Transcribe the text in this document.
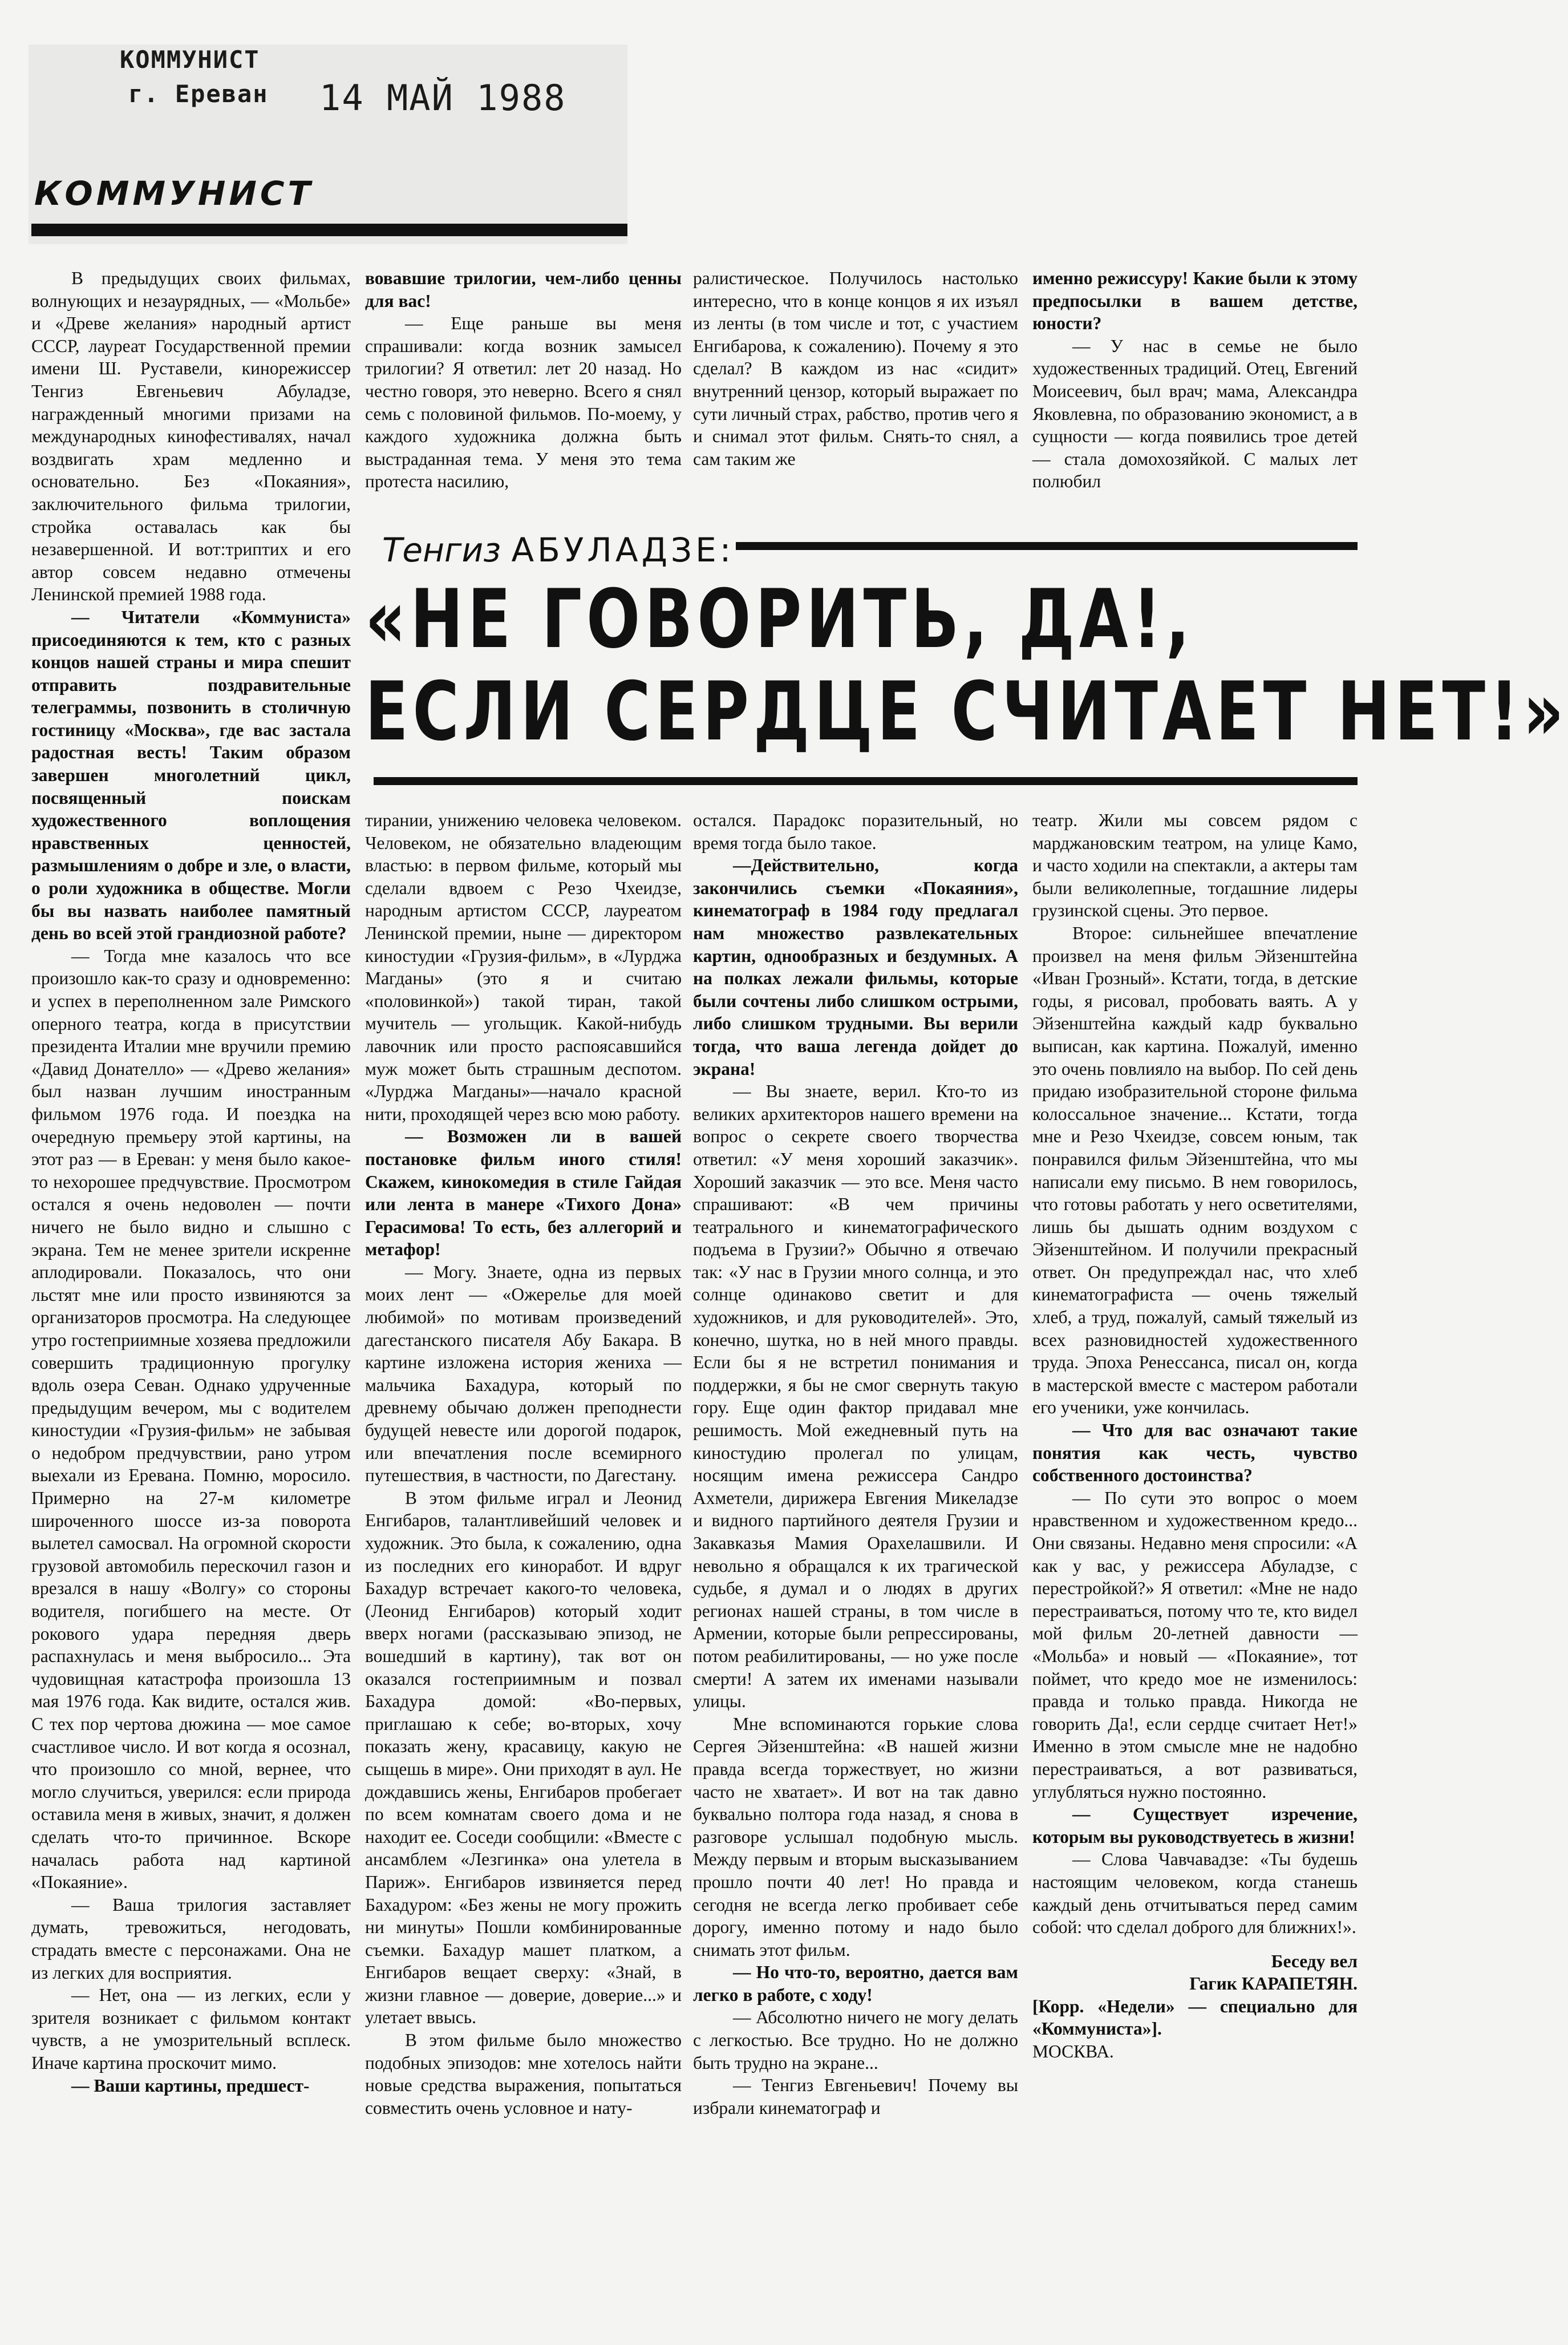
КОММУНИСТ
г. Ереван 14 МАЙ 1988
КОММУНИСТ

В предыдущих своих фильмах, волнующих и незаурядных, — «Мольбе» и «Древе желания» народный артист СССР, лауреат Государственной премии имени Ш. Руставели, кинорежиссер Тенгиз Евгеньевич Абуладзе, награжденный многими призами на международных кинофестивалях, начал воздвигать храм медленно и основательно. Без «Покаяния», заключительного фильма трилогии, стройка оставалась как бы незавершенной. И вот:триптих и его автор совсем недавно отмечены Ленинской премией 1988 года.

— Читатели «Коммуниста» присоединяются к тем, кто с разных концов нашей страны и мира спешит отправить поздравительные телеграммы, позвонить в столичную гостиницу «Москва», где вас застала радостная весть! Таким образом завершен многолетний цикл, посвященный поискам художественного воплощения нравственных ценностей, размышлениям о добре и зле, о власти, о роли художника в обществе. Могли бы вы назвать наиболее памятный день во всей этой грандиозной работе?

— Тогда мне казалось что все произошло как-то сразу и одновременно: и успех в переполненном зале Римского оперного театра, когда в присутствии президента Италии мне вручили премию «Давид Донателло» — «Древо желания» был назван лучшим иностранным фильмом 1976 года. И поездка на очередную премьеру этой картины, на этот раз — в Ереван: у меня было какое-то нехорошее предчувствие. Просмотром остался я очень недоволен — почти ничего не было видно и слышно с экрана. Тем не менее зрители искренне аплодировали. Показалось, что они льстят мне или просто извиняются за организаторов просмотра. На следующее утро гостеприимные хозяева предложили совершить традиционную прогулку вдоль озера Севан. Однако удрученные предыдущим вечером, мы с водителем киностудии «Грузия-фильм» не забывая о недобром предчувствии, рано утром выехали из Еревана. Помню, моросило. Примерно на 27-м километре широченного шоссе из-за поворота вылетел самосвал. На огромной скорости грузовой автомобиль перескочил газон и врезался в нашу «Волгу» со стороны водителя, погибшего на месте. От рокового удара передняя дверь распахнулась и меня выбросило... Эта чудовищная катастрофа произошла 13 мая 1976 года. Как видите, остался жив. С тех пор чертова дюжина — мое самое счастливое число. И вот когда я осознал, что произошло со мной, вернее, что могло случиться, уверился: если природа оставила меня в живых, значит, я должен сделать что-то причинное. Вскоре началась работа над картиной «Покаяние».

— Ваша трилогия заставляет думать, тревожиться, негодовать, страдать вместе с персонажами. Она не из легких для восприятия.

— Нет, она — из легких, если у зрителя возникает с фильмом контакт чувств, а не умозрительный всплеск. Иначе картина проскочит мимо.

— Ваши картины, предшест-

вовавшие трилогии, чем-либо ценны для вас!

— Еще раньше вы меня спрашивали: когда возник замысел трилогии? Я ответил: лет 20 назад. Но честно говоря, это неверно. Всего я снял семь с половиной фильмов. По-моему, у каждого художника должна быть выстраданная тема. У меня это тема протеста насилию,

ралистическое. Получилось настолько интересно, что в конце концов я их изъял из ленты (в том числе и тот, с участием Енгибарова, к сожалению). Почему я это сделал? В каждом из нас «сидит» внутренний цензор, который выражает по сути личный страх, рабство, против чего я и снимал этот фильм. Снять-то снял, а сам таким же

именно режиссуру! Какие были к этому предпосылки в вашем детстве, юности?

— У нас в семье не было художественных традиций. Отец, Евгений Моисеевич, был врач; мама, Александра Яковлевна, по образованию экономист, а в сущности — когда появились трое детей — стала домохозяйкой. С малых лет полюбил

Тенгиз АБУЛАДЗЕ:
«НЕ ГОВОРИТЬ, ДА!,
ЕСЛИ СЕРДЦЕ СЧИТАЕТ НЕТ!»

тирании, унижению человека человеком. Человеком, не обязательно владеющим властью: в первом фильме, который мы сделали вдвоем с Резо Чхеидзе, народным артистом СССР, лауреатом Ленинской премии, ныне — директором киностудии «Грузия-фильм», в «Лурджа Магданы» (это я и считаю «половинкой») такой тиран, такой мучитель — угольщик. Какой-нибудь лавочник или просто распоясавшийся муж может быть страшным деспотом. «Лурджа Магданы»—начало красной нити, проходящей через всю мою работу.

— Возможен ли в вашей постановке фильм иного стиля! Скажем, кинокомедия в стиле Гайдая или лента в манере «Тихого Дона» Герасимова! То есть, без аллегорий и метафор!

— Могу. Знаете, одна из первых моих лент — «Ожерелье для моей любимой» по мотивам произведений дагестанского писателя Абу Бакара. В картине изложена история жениха — мальчика Бахадура, который по древнему обычаю должен преподнести будущей невесте или дорогой подарок, или впечатления после всемирного путешествия, в частности, по Дагестану.

В этом фильме играл и Леонид Енгибаров, талантливейший человек и художник. Это была, к сожалению, одна из последних его киноработ. И вдруг Бахадур встречает какого-то человека, (Леонид Енгибаров) который ходит вверх ногами (рассказываю эпизод, не вошедший в картину), так вот он оказался гостеприимным и позвал Бахадура домой: «Во-первых, приглашаю к себе; во-вторых, хочу показать жену, красавицу, какую не сыщешь в мире». Они приходят в аул. Не дождавшись жены, Енгибаров пробегает по всем комнатам своего дома и не находит ее. Соседи сообщили: «Вместе с ансамблем «Лезгинка» она улетела в Париж». Енгибаров извиняется перед Бахадуром: «Без жены не могу прожить ни минуты» Пошли комбинированные съемки. Бахадур машет платком, а Енгибаров вещает сверху: «Знай, в жизни главное — доверие, доверие...» и улетает ввысь.

В этом фильме было множество подобных эпизодов: мне хотелось найти новые средства выражения, попытаться совместить очень условное и нату-

остался. Парадокс поразительный, но время тогда было такое.

—Действительно, когда закончились съемки «Покаяния», кинематограф в 1984 году предлагал нам множество развлекательных картин, однообразных и бездумных. А на полках лежали фильмы, которые были сочтены либо слишком острыми, либо слишком трудными. Вы верили тогда, что ваша легенда дойдет до экрана!

— Вы знаете, верил. Кто-то из великих архитекторов нашего времени на вопрос о секрете своего творчества ответил: «У меня хороший заказчик». Хороший заказчик — это все. Меня часто спрашивают: «В чем причины театрального и кинематографического подъема в Грузии?» Обычно я отвечаю так: «У нас в Грузии много солнца, и это солнце одинаково светит и для художников, и для руководителей». Это, конечно, шутка, но в ней много правды. Если бы я не встретил понимания и поддержки, я бы не смог свернуть такую гору. Еще один фактор придавал мне решимость. Мой ежедневный путь на киностудию пролегал по улицам, носящим имена режиссера Сандро Ахметели, дирижера Евгения Микеладзе и видного партийного деятеля Грузии и Закавказья Мамия Орахелашвили. И невольно я обращался к их трагической судьбе, я думал и о людях в других регионах нашей страны, в том числе в Армении, которые были репрессированы, потом реабилитированы, — но уже после смерти! А затем их именами называли улицы.

Мне вспоминаются горькие слова Сергея Эйзенштейна: «В нашей жизни правда всегда торжествует, но жизни часто не хватает». И вот на так давно буквально полтора года назад, я снова в разговоре услышал подобную мысль. Между первым и вторым высказыванием прошло почти 40 лет! Но правда и сегодня не всегда легко пробивает себе дорогу, именно потому и надо было снимать этот фильм.

— Но что-то, вероятно, дается вам легко в работе, с ходу!

— Абсолютно ничего не могу делать с легкостью. Все трудно. Но не должно быть трудно на экране...

— Тенгиз Евгеньевич! Почему вы избрали кинематограф и

театр. Жили мы совсем рядом с марджановским театром, на улице Камо, и часто ходили на спектакли, а актеры там были великолепные, тогдашние лидеры грузинской сцены. Это первое.

Второе: сильнейшее впечатление произвел на меня фильм Эйзенштейна «Иван Грозный». Кстати, тогда, в детские годы, я рисовал, пробовать ваять. А у Эйзенштейна каждый кадр буквально выписан, как картина. Пожалуй, именно это очень повлияло на выбор. По сей день придаю изобразительной стороне фильма колоссальное значение... Кстати, тогда мне и Резо Чхеидзе, совсем юным, так понравился фильм Эйзенштейна, что мы написали ему письмо. В нем говорилось, что готовы работать у него осветителями, лишь бы дышать одним воздухом с Эйзенштейном. И получили прекрасный ответ. Он предупреждал нас, что хлеб кинематографиста — очень тяжелый хлеб, а труд, пожалуй, самый тяжелый из всех разновидностей художественного труда. Эпоха Ренессанса, писал он, когда в мастерской вместе с мастером работали его ученики, уже кончилась.

— Что для вас означают такие понятия как честь, чувство собственного достоинства?

— По сути это вопрос о моем нравственном и художественном кредо... Они связаны. Недавно меня спросили: «А как у вас, у режиссера Абуладзе, с перестройкой?» Я ответил: «Мне не надо перестраиваться, потому что те, кто видел мой фильм 20-летней давности — «Мольба» и новый — «Покаяние», тот поймет, что кредо мое не изменилось: правда и только правда. Никогда не говорить Да!, если сердце считает Нет!» Именно в этом смысле мне не надобно перестраиваться, а вот развиваться, углубляться нужно постоянно.

— Существует изречение, которым вы руководствуетесь в жизни!

— Слова Чавчавадзе: «Ты будешь настоящим человеком, когда станешь каждый день отчитываться перед самим собой: что сделал доброго для ближних!».

Беседу вел

Гагик КАРАПЕТЯН.

[Корр. «Недели» — специально для «Коммуниста»].

МОСКВА.
